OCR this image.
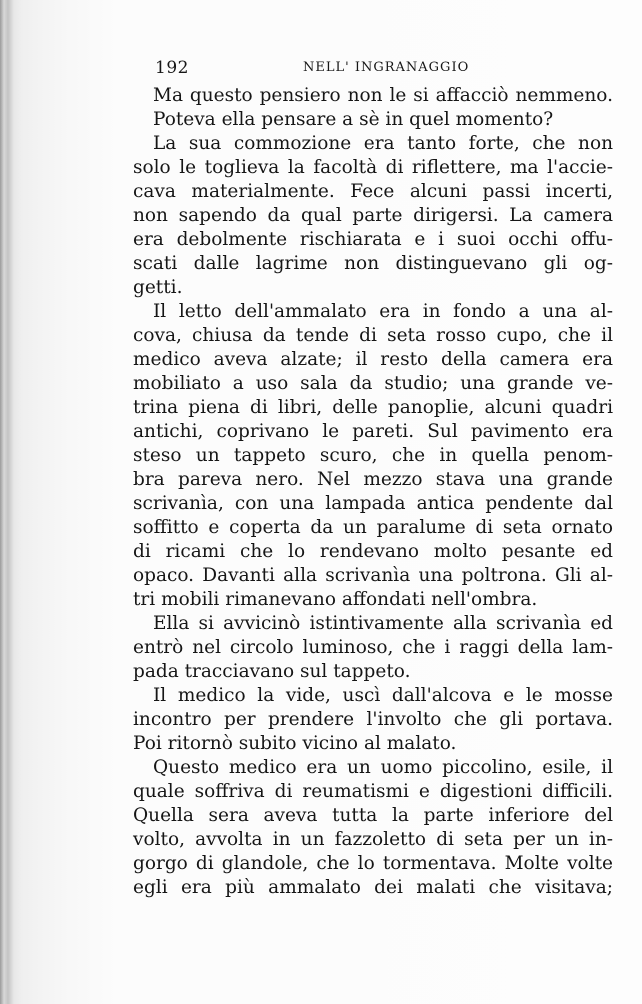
192	NELL' INGRANAGGIO
Ma questo pensiero non le si affacciò nemmeno.
Poteva ella pensare a sè in quel momento?
La sua commozione era tanto forte, che non
solo le toglieva la facoltà di riflettere, ma l'accie-
cava materialmente. Fece alcuni passi incerti,
non sapendo da qual parte dirigersi. La camera
era debolmente rischiarata e i suoi occhi offu-
scati dalle lagrime non distinguevano gli og-
getti.
Il letto dell'ammalato era in fondo a una al-
cova, chiusa da tende di seta rosso cupo, che il
medico aveva alzate; il resto della camera era
mobiliato a uso sala da studio; una grande ve-
trina piena di libri, delle panoplie, alcuni quadri
antichi, coprivano le pareti. Sul pavimento era
steso un tappeto scuro, che in quella penom-
bra pareva nero. Nel mezzo stava una grande
scrivanìa, con una lampada antica pendente dal
soffitto e coperta da un paralume di seta ornato
di ricami che lo rendevano molto pesante ed
opaco. Davanti alla scrivanìa una poltrona. Gli al-
tri mobili rimanevano affondati nell'ombra.
Ella si avvicinò istintivamente alla scrivanìa ed
entrò nel circolo luminoso, che i raggi della lam-
pada tracciavano sul tappeto.
Il medico la vide, uscì dall'alcova e le mosse
incontro per prendere l'involto che gli portava.
Poi ritornò subito vicino al malato.
Questo medico era un uomo piccolino, esile, il
quale soffriva di reumatismi e digestioni difficili.
Quella sera aveva tutta la parte inferiore del
volto, avvolta in un fazzoletto di seta per un in-
gorgo di glandole, che lo tormentava. Molte volte
egli era più ammalato dei malati che visitava;
